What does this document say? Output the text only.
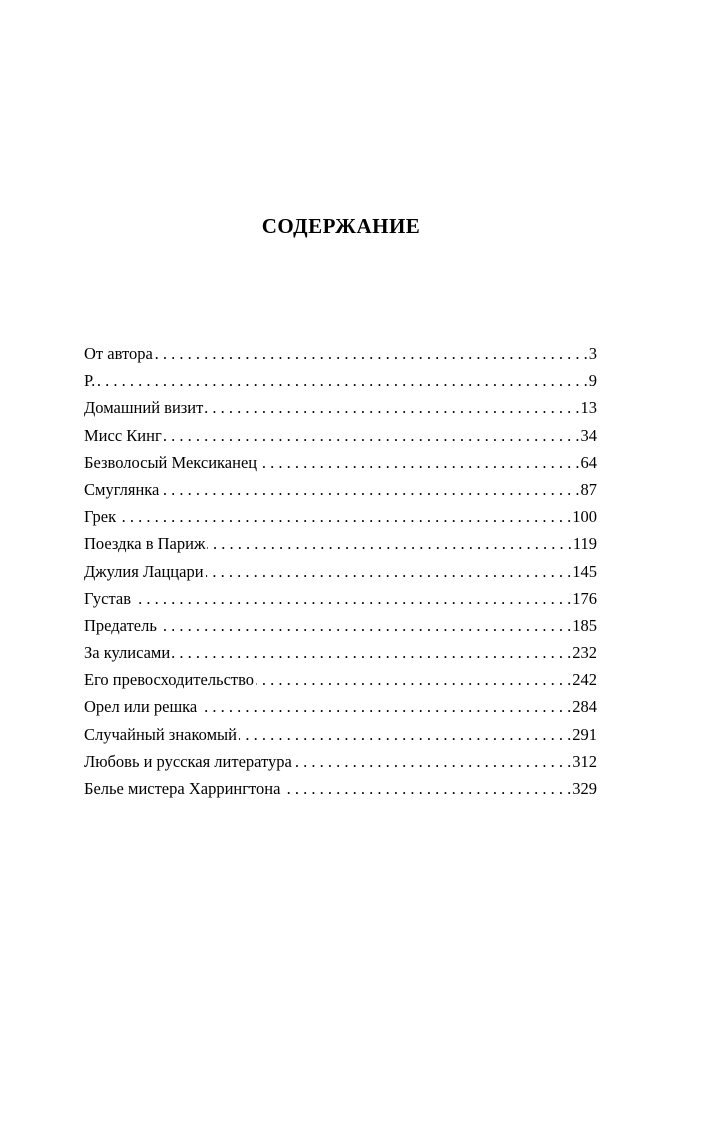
СОДЕРЖАНИЕ
От автора . . .	3
Р. . . .	9
Домашний визит . . .	13
Мисс Кинг . . .	34
Безволосый Мексиканец . . .	64
Смуглянка . . .	87
Грек . . .	100
Поездка в Париж . . .	119
Джулия Лаццари . . .	145
Густав . . .	176
Предатель . . .	185
За кулисами . . .	232
Его превосходительство . . .	242
Орел или решка . . .	284
Случайный знакомый . . .	291
Любовь и русская литература . . .	312
Белье мистера Харрингтона . . .	329
